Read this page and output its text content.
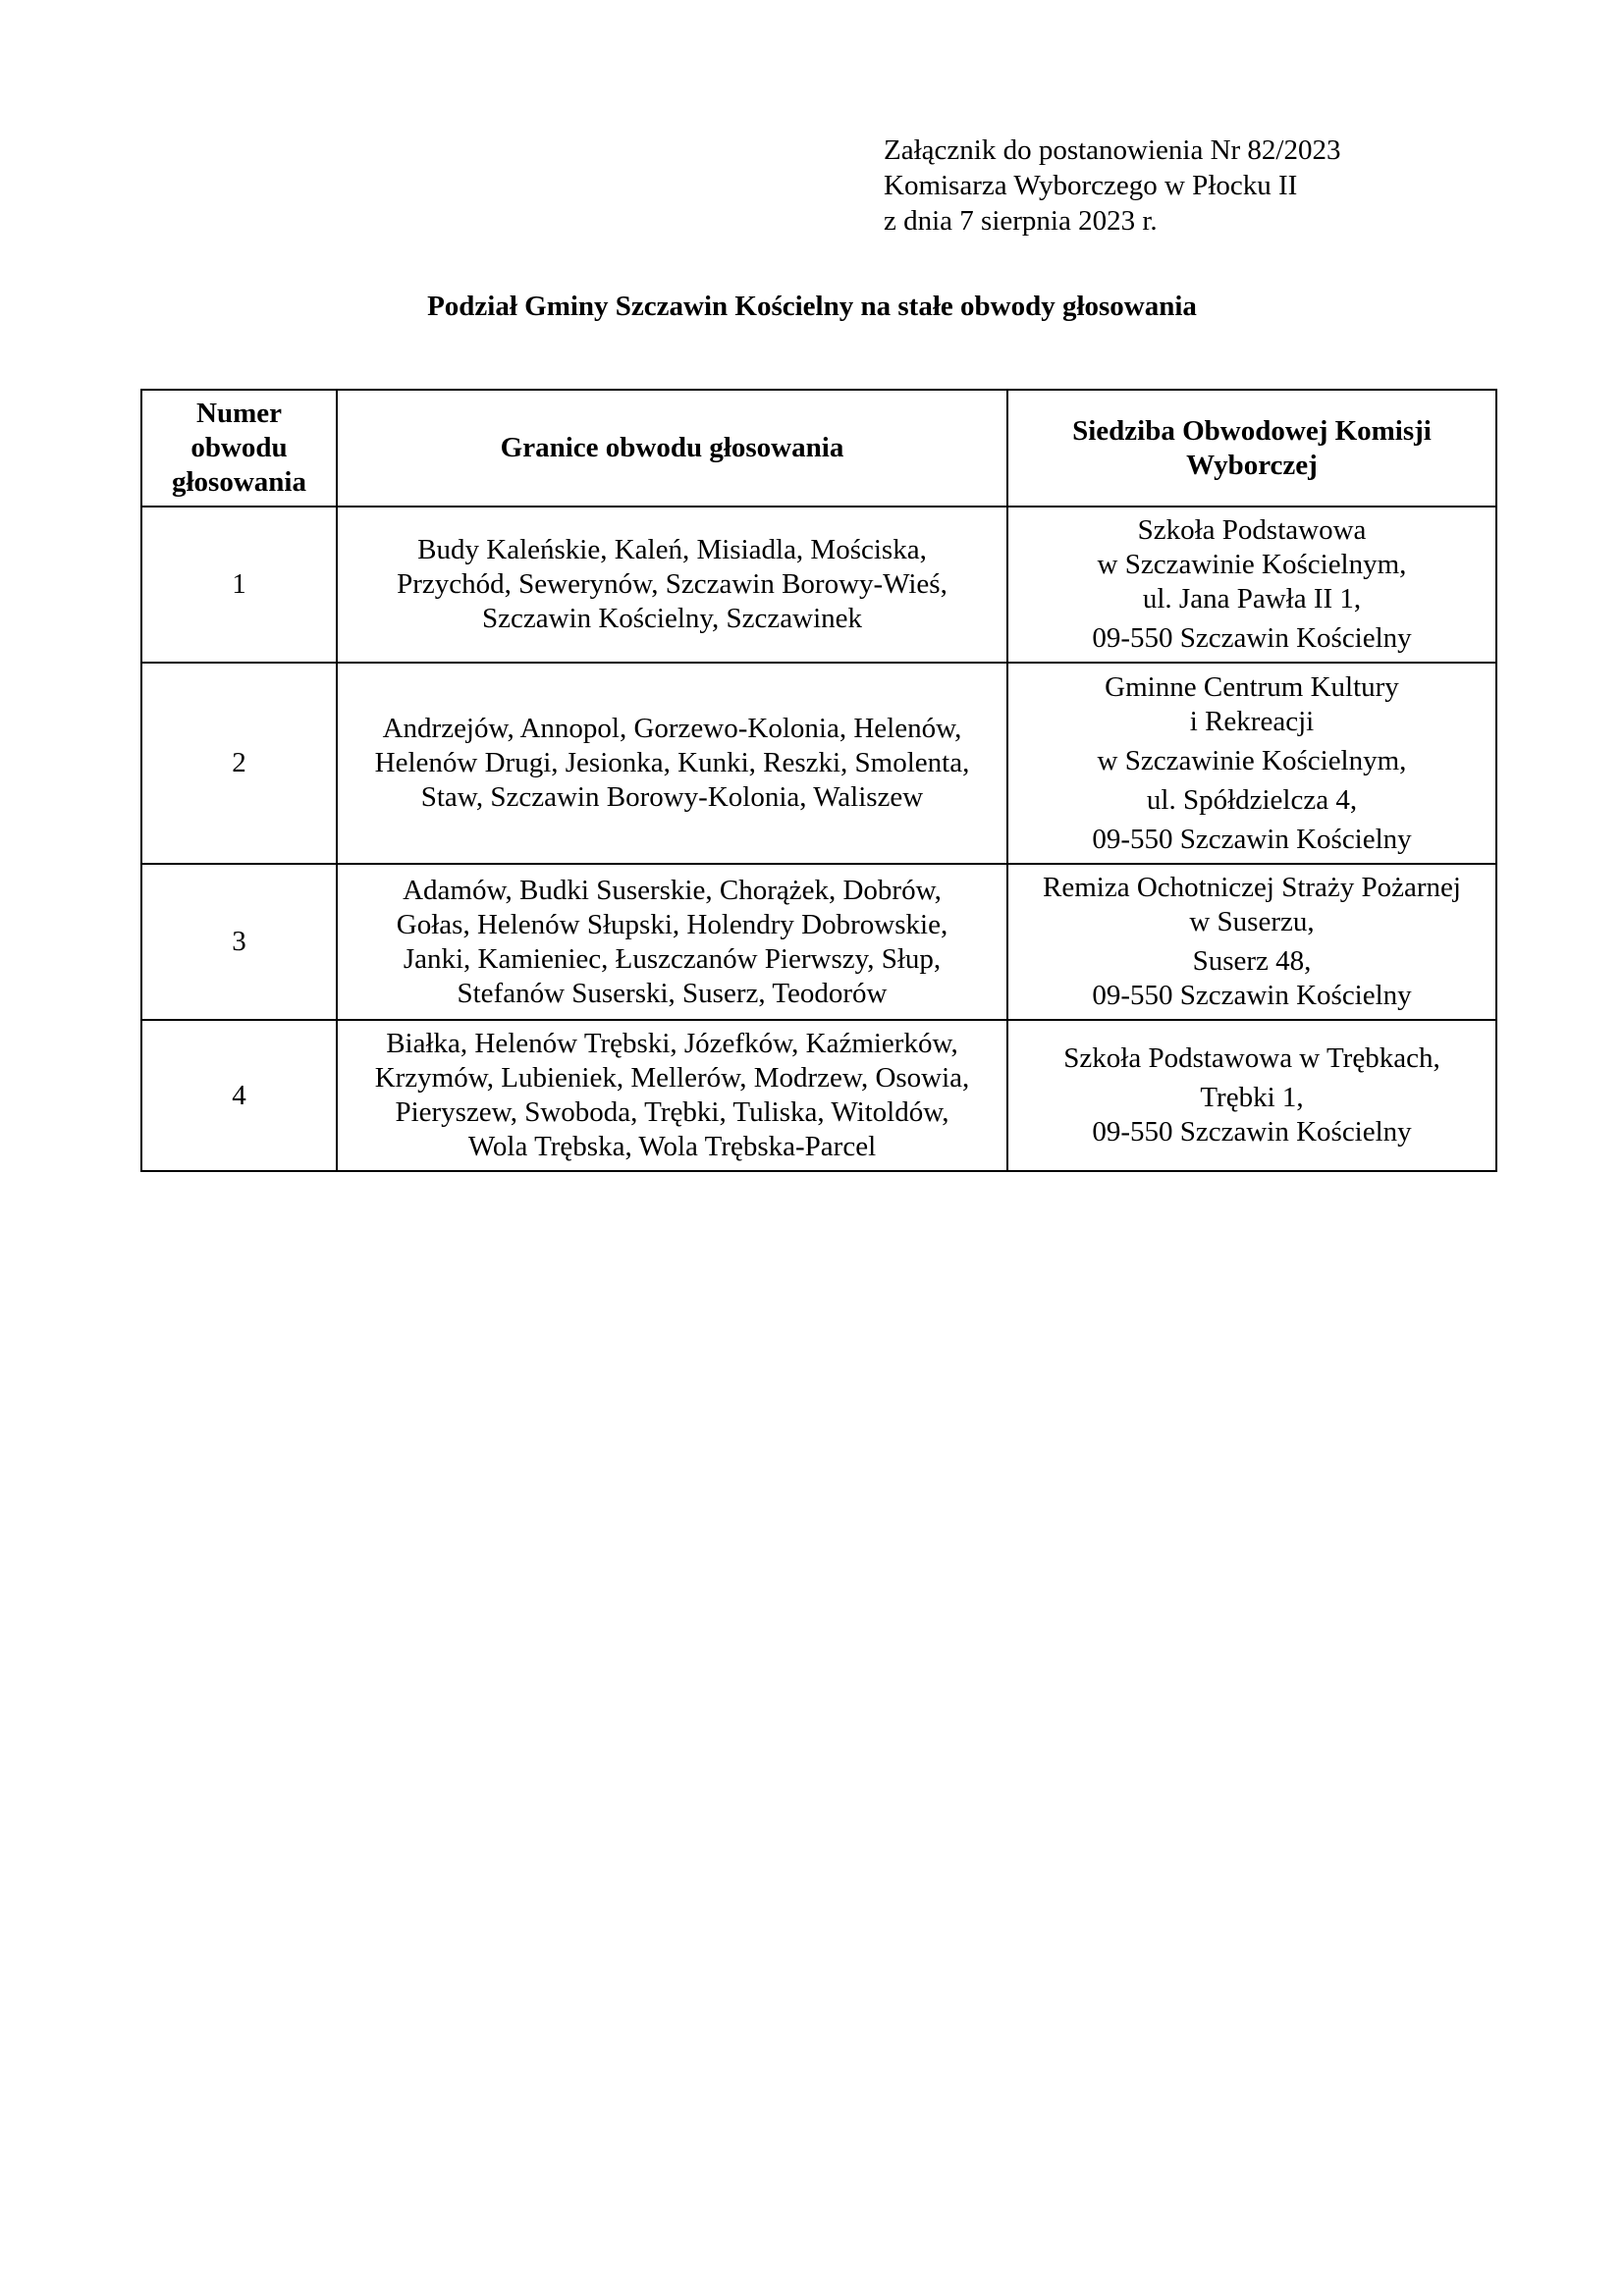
Załącznik do postanowienia Nr 82/2023
Komisarza Wyborczego w Płocku II
z dnia 7 sierpnia 2023 r.
Podział Gminy Szczawin Kościelny na stałe obwody głosowania
Numer
obwodu
głosowania	Granice obwodu głosowania	Siedziba Obwodowej Komisji
Wyborczej

1	Budy Kaleńskie, Kaleń, Misiadla, Mościska,
Przychód, Sewerynów, Szczawin Borowy-Wieś,
Szczawin Kościelny, Szczawinek	Szkoła Podstawowa
w Szczawinie Kościelnym,
ul. Jana Pawła II 1,
09-550 Szczawin Kościelny

2	Andrzejów, Annopol, Gorzewo-Kolonia, Helenów,
Helenów Drugi, Jesionka, Kunki, Reszki, Smolenta,
Staw, Szczawin Borowy-Kolonia, Waliszew	Gminne Centrum Kultury
i Rekreacji
w Szczawinie Kościelnym,
ul. Spółdzielcza 4,
09-550 Szczawin Kościelny

3	Adamów, Budki Suserskie, Chorążek, Dobrów,
Gołas, Helenów Słupski, Holendry Dobrowskie,
Janki, Kamieniec, Łuszczanów Pierwszy, Słup,
Stefanów Suserski, Suserz, Teodorów	Remiza Ochotniczej Straży Pożarnej
w Suserzu,
Suserz 48,
09-550 Szczawin Kościelny

4	Białka, Helenów Trębski, Józefków, Kaźmierków,
Krzymów, Lubieniek, Mellerów, Modrzew, Osowia,
Pieryszew, Swoboda, Trębki, Tuliska, Witoldów,
Wola Trębska, Wola Trębska-Parcel	Szkoła Podstawowa w Trębkach,
Trębki 1,
09-550 Szczawin Kościelny
